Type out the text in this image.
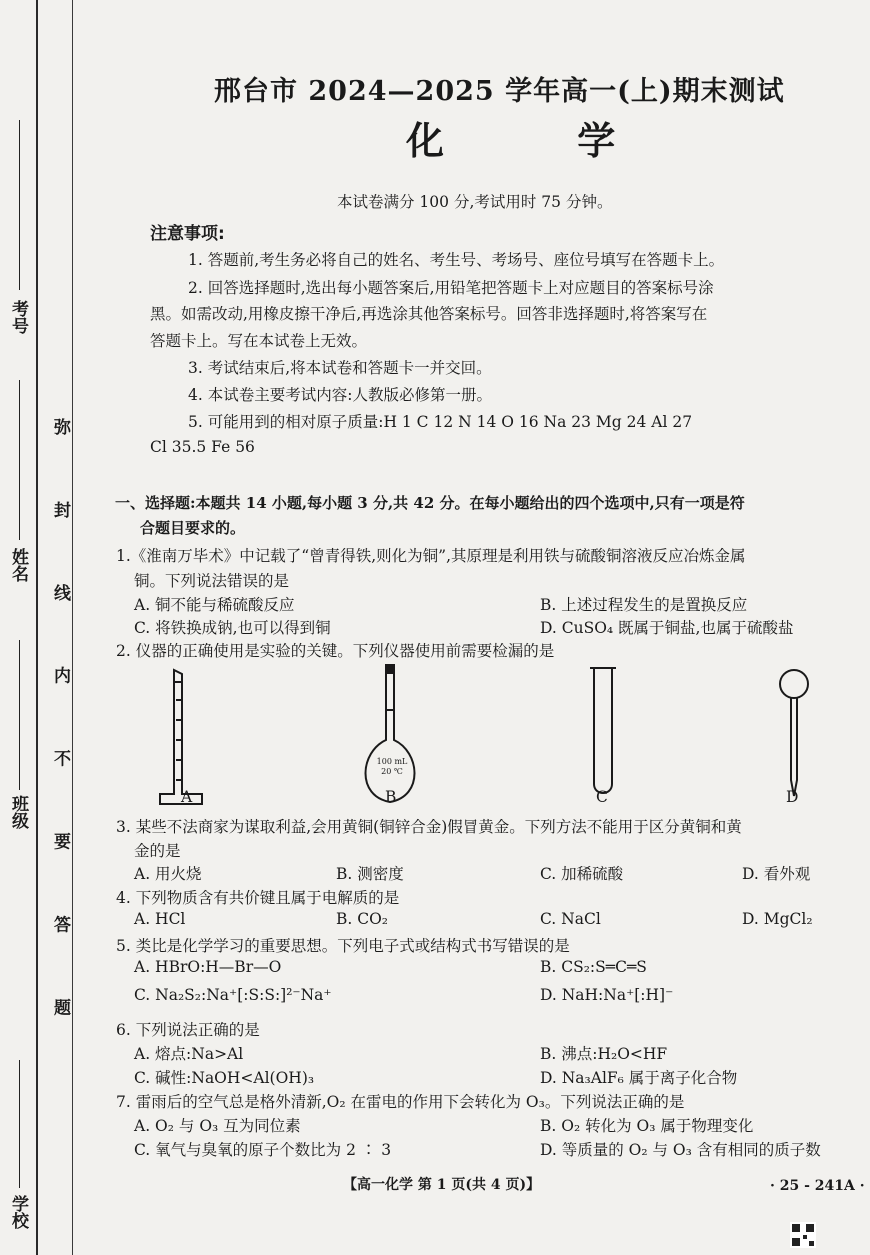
学校
班级
姓名
考号
弥 封 线 内 不 要 答 题
邢台市 2024—2025 学年高一(上)期末测试
化 学
本试卷满分 100 分,考试用时 75 分钟。
注意事项:
1. 答题前,考生务必将自己的姓名、考生号、考场号、座位号填写在答题卡上。
2. 回答选择题时,选出每小题答案后,用铅笔把答题卡上对应题目的答案标号涂
黑。如需改动,用橡皮擦干净后,再选涂其他答案标号。回答非选择题时,将答案写在
答题卡上。写在本试卷上无效。
3. 考试结束后,将本试卷和答题卡一并交回。
4. 本试卷主要考试内容:人教版必修第一册。
5. 可能用到的相对原子质量:H 1 C 12 N 14 O 16 Na 23 Mg 24 Al 27
Cl 35.5 Fe 56
一、选择题:本题共 14 小题,每小题 3 分,共 42 分。在每小题给出的四个选项中,只有一项是符
合题目要求的。
1.《淮南万毕术》中记载了“曾青得铁,则化为铜”,其原理是利用铁与硫酸铜溶液反应冶炼金属
铜。下列说法错误的是
A. 铜不能与稀硫酸反应	B. 上述过程发生的是置换反应
C. 将铁换成钠,也可以得到铜	D. CuSO₄ 既属于铜盐,也属于硫酸盐
2. 仪器的正确使用是实验的关键。下列仪器使用前需要检漏的是
100 mL
20 ℃
A	B	C	D
3. 某些不法商家为谋取利益,会用黄铜(铜锌合金)假冒黄金。下列方法不能用于区分黄铜和黄
金的是
A. 用火烧	B. 测密度	C. 加稀硫酸	D. 看外观
4. 下列物质含有共价键且属于电解质的是
A. HCl	B. CO₂	C. NaCl	D. MgCl₂
5. 类比是化学学习的重要思想。下列电子式或结构式书写错误的是
A. HBrO:H—Br—O	B. CS₂:S═C═S
C. Na₂S₂:Na⁺[:S:S:]²⁻Na⁺	D. NaH:Na⁺[:H]⁻
6. 下列说法正确的是
A. 熔点:Na>Al	B. 沸点:H₂O<HF
C. 碱性:NaOH<Al(OH)₃	D. Na₃AlF₆ 属于离子化合物
7. 雷雨后的空气总是格外清新,O₂ 在雷电的作用下会转化为 O₃。下列说法正确的是
A. O₂ 与 O₃ 互为同位素	B. O₂ 转化为 O₃ 属于物理变化
C. 氧气与臭氧的原子个数比为 2 ∶ 3	D. 等质量的 O₂ 与 O₃ 含有相同的质子数
【高一化学 第 1 页(共 4 页)】	· 25 - 241A ·
